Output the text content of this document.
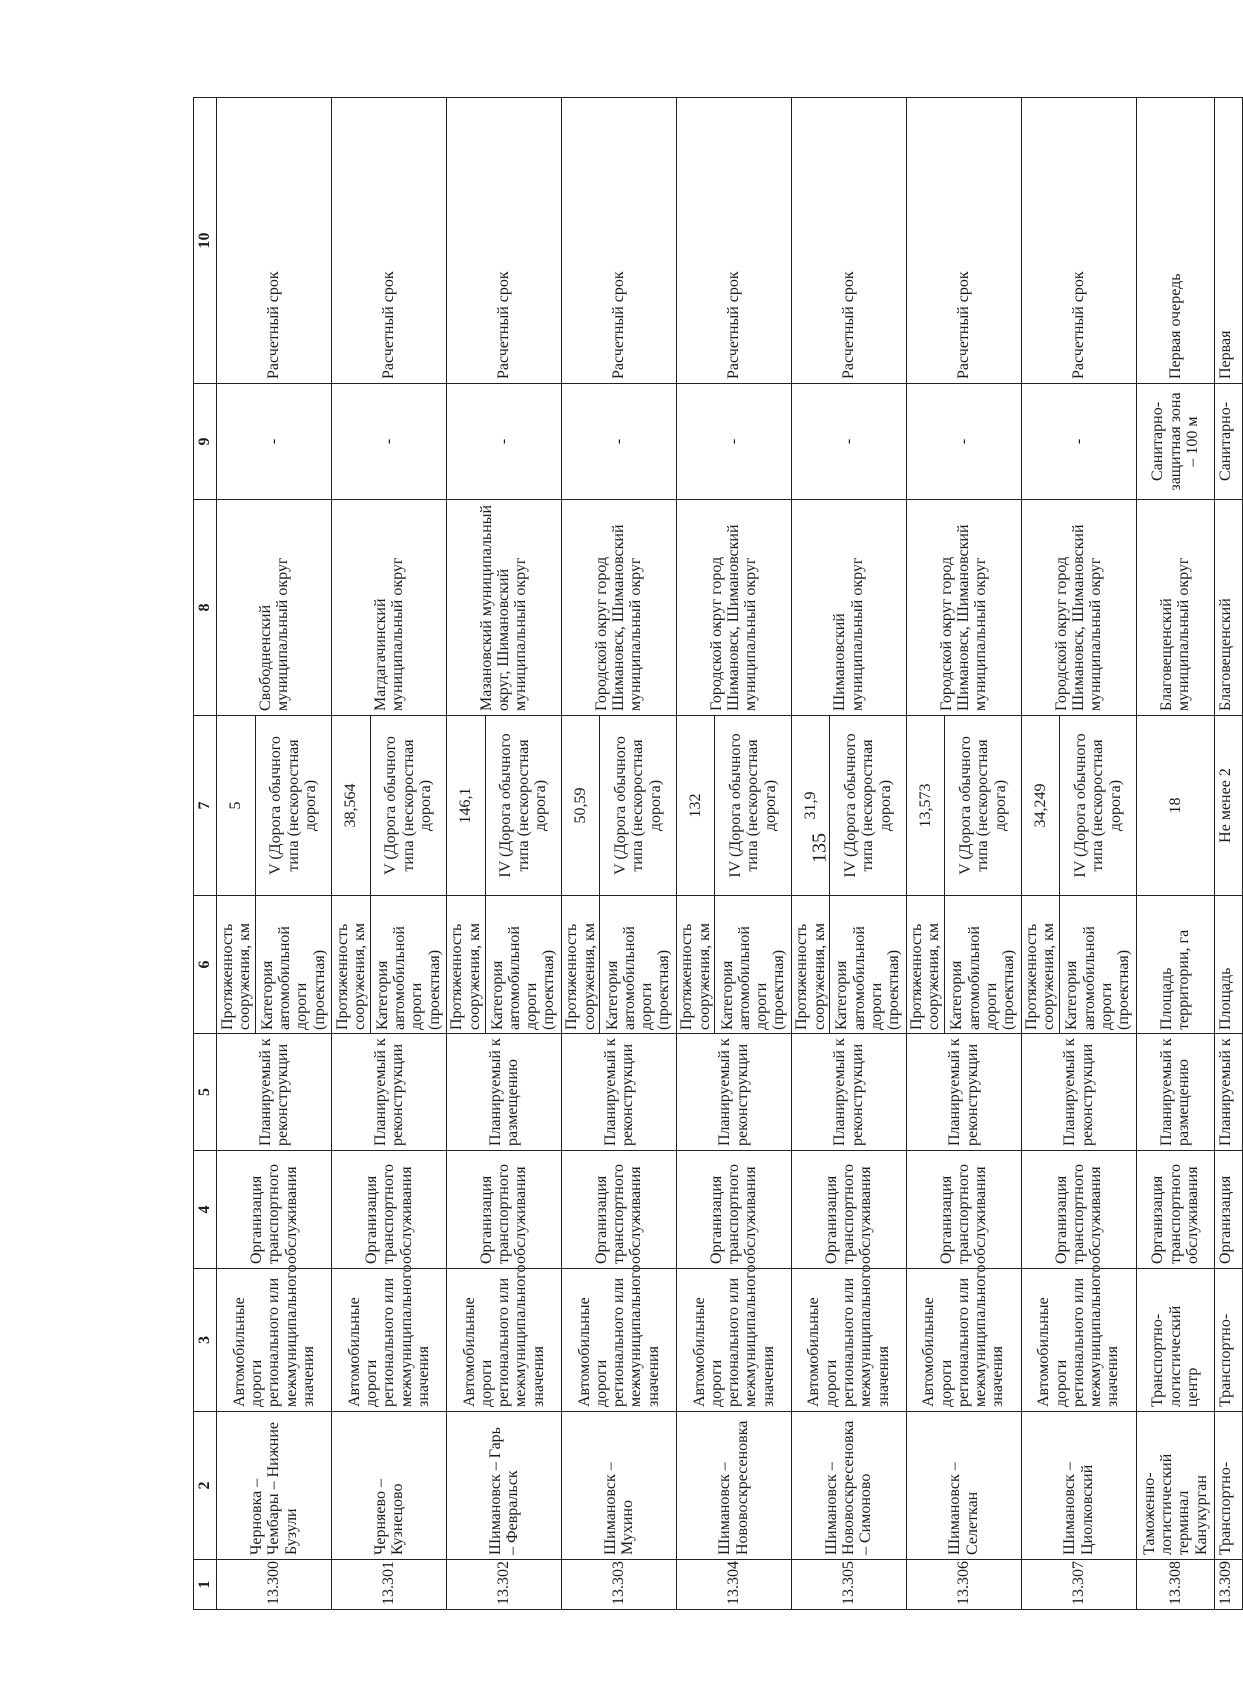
135
1	2	3	4	5	6	7	8	9	10
13.300	Черновка – Чембары – Нижние Бузули	Автомобильные дороги регионального или межмуниципального значения	Организация транспортного обслуживания	Планируемый к реконструкции	Протяженность сооружения, км	5	Свободненский муниципальный округ	-	Расчетный срок
					Категория автомобильной дороги (проектная)	V (Дорога обычного типа (нескоростная дорога)			
13.301	Черняево – Кузнецово	Автомобильные дороги регионального или межмуниципального значения	Организация транспортного обслуживания	Планируемый к реконструкции	Протяженность сооружения, км	38,564	Магдагачинский муниципальный округ	-	Расчетный срок
					Категория автомобильной дороги (проектная)	V (Дорога обычного типа (нескоростная дорога)			
13.302	Шимановск – Гарь – Февральск	Автомобильные дороги регионального или межмуниципального значения	Организация транспортного обслуживания	Планируемый к размещению	Протяженность сооружения, км	146,1	Мазановский муниципальный округ, Шимановский муниципальный округ	-	Расчетный срок
					Категория автомобильной дороги (проектная)	IV (Дорога обычного типа (нескоростная дорога)			
13.303	Шимановск – Мухино	Автомобильные дороги регионального или межмуниципального значения	Организация транспортного обслуживания	Планируемый к реконструкции	Протяженность сооружения, км	50,59	Городской округ город Шимановск, Шимановский муниципальный округ	-	Расчетный срок
					Категория автомобильной дороги (проектная)	V (Дорога обычного типа (нескоростная дорога)			
13.304	Шимановск – Нововоскресеновка	Автомобильные дороги регионального или межмуниципального значения	Организация транспортного обслуживания	Планируемый к реконструкции	Протяженность сооружения, км	132	Городской округ город Шимановск, Шимановский муниципальный округ	-	Расчетный срок
					Категория автомобильной дороги (проектная)	IV (Дорога обычного типа (нескоростная дорога)			
13.305	Шимановск – Нововоскресеновка – Симоново	Автомобильные дороги регионального или межмуниципального значения	Организация транспортного обслуживания	Планируемый к реконструкции	Протяженность сооружения, км	31,9	Шимановский муниципальный округ	-	Расчетный срок
					Категория автомобильной дороги (проектная)	IV (Дорога обычного типа (нескоростная дорога)			
13.306	Шимановск – Селеткан	Автомобильные дороги регионального или межмуниципального значения	Организация транспортного обслуживания	Планируемый к реконструкции	Протяженность сооружения, км	13,573	Городской округ город Шимановск, Шимановский муниципальный округ	-	Расчетный срок
					Категория автомобильной дороги (проектная)	V (Дорога обычного типа (нескоростная дорога)			
13.307	Шимановск – Циолковский	Автомобильные дороги регионального или межмуниципального значения	Организация транспортного обслуживания	Планируемый к реконструкции	Протяженность сооружения, км	34,249	Городской округ город Шимановск, Шимановский муниципальный округ	-	Расчетный срок
					Категория автомобильной дороги (проектная)	IV (Дорога обычного типа (нескоростная дорога)			
13.308	Таможенно-логистический терминал Канукурган	Транспортно-логистический центр	Организация транспортного обслуживания	Планируемый к размещению	Площадь территории, га	18	Благовещенский муниципальный округ	Санитарно-защитная зона – 100 м	Первая очередь
13.309	Транспортно-	Транспортно-	Организация	Планируемый к	Площадь	Не менее 2	Благовещенский	Санитарно-	Первая
